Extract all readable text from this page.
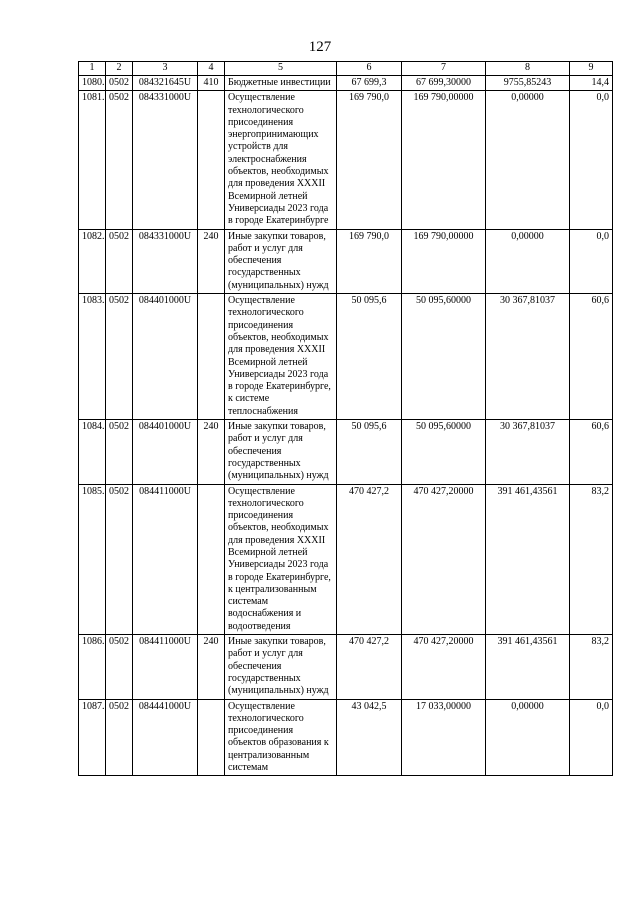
127
1	2	3	4	5	6	7	8	9
1080.	0502	084321645U	410	Бюджетные инвестиции	67 699,3	67 699,30000	9755,85243	14,4
1081.	0502	084331000U		Осуществление технологического присоединения энергопринимающих устройств для электроснабжения объектов, необходимых для проведения XXXII Всемирной летней Универсиады 2023 года в городе Екатеринбурге	169 790,0	169 790,00000	0,00000	0,0
1082.	0502	084331000U	240	Иные закупки товаров, работ и услуг для обеспечения государственных (муниципальных) нужд	169 790,0	169 790,00000	0,00000	0,0
1083.	0502	084401000U		Осуществление технологического присоединения объектов, необходимых для проведения XXXII Всемирной летней Универсиады 2023 года в городе Екатеринбурге, к системе теплоснабжения	50 095,6	50 095,60000	30 367,81037	60,6
1084.	0502	084401000U	240	Иные закупки товаров, работ и услуг для обеспечения государственных (муниципальных) нужд	50 095,6	50 095,60000	30 367,81037	60,6
1085.	0502	084411000U		Осуществление технологического присоединения объектов, необходимых для проведения XXXII Всемирной летней Универсиады 2023 года в городе Екатеринбурге, к централизованным системам водоснабжения и водоотведения	470 427,2	470 427,20000	391 461,43561	83,2
1086.	0502	084411000U	240	Иные закупки товаров, работ и услуг для обеспечения государственных (муниципальных) нужд	470 427,2	470 427,20000	391 461,43561	83,2
1087.	0502	084441000U		Осуществление технологического присоединения объектов образования к централизованным системам	43 042,5	17 033,00000	0,00000	0,0
